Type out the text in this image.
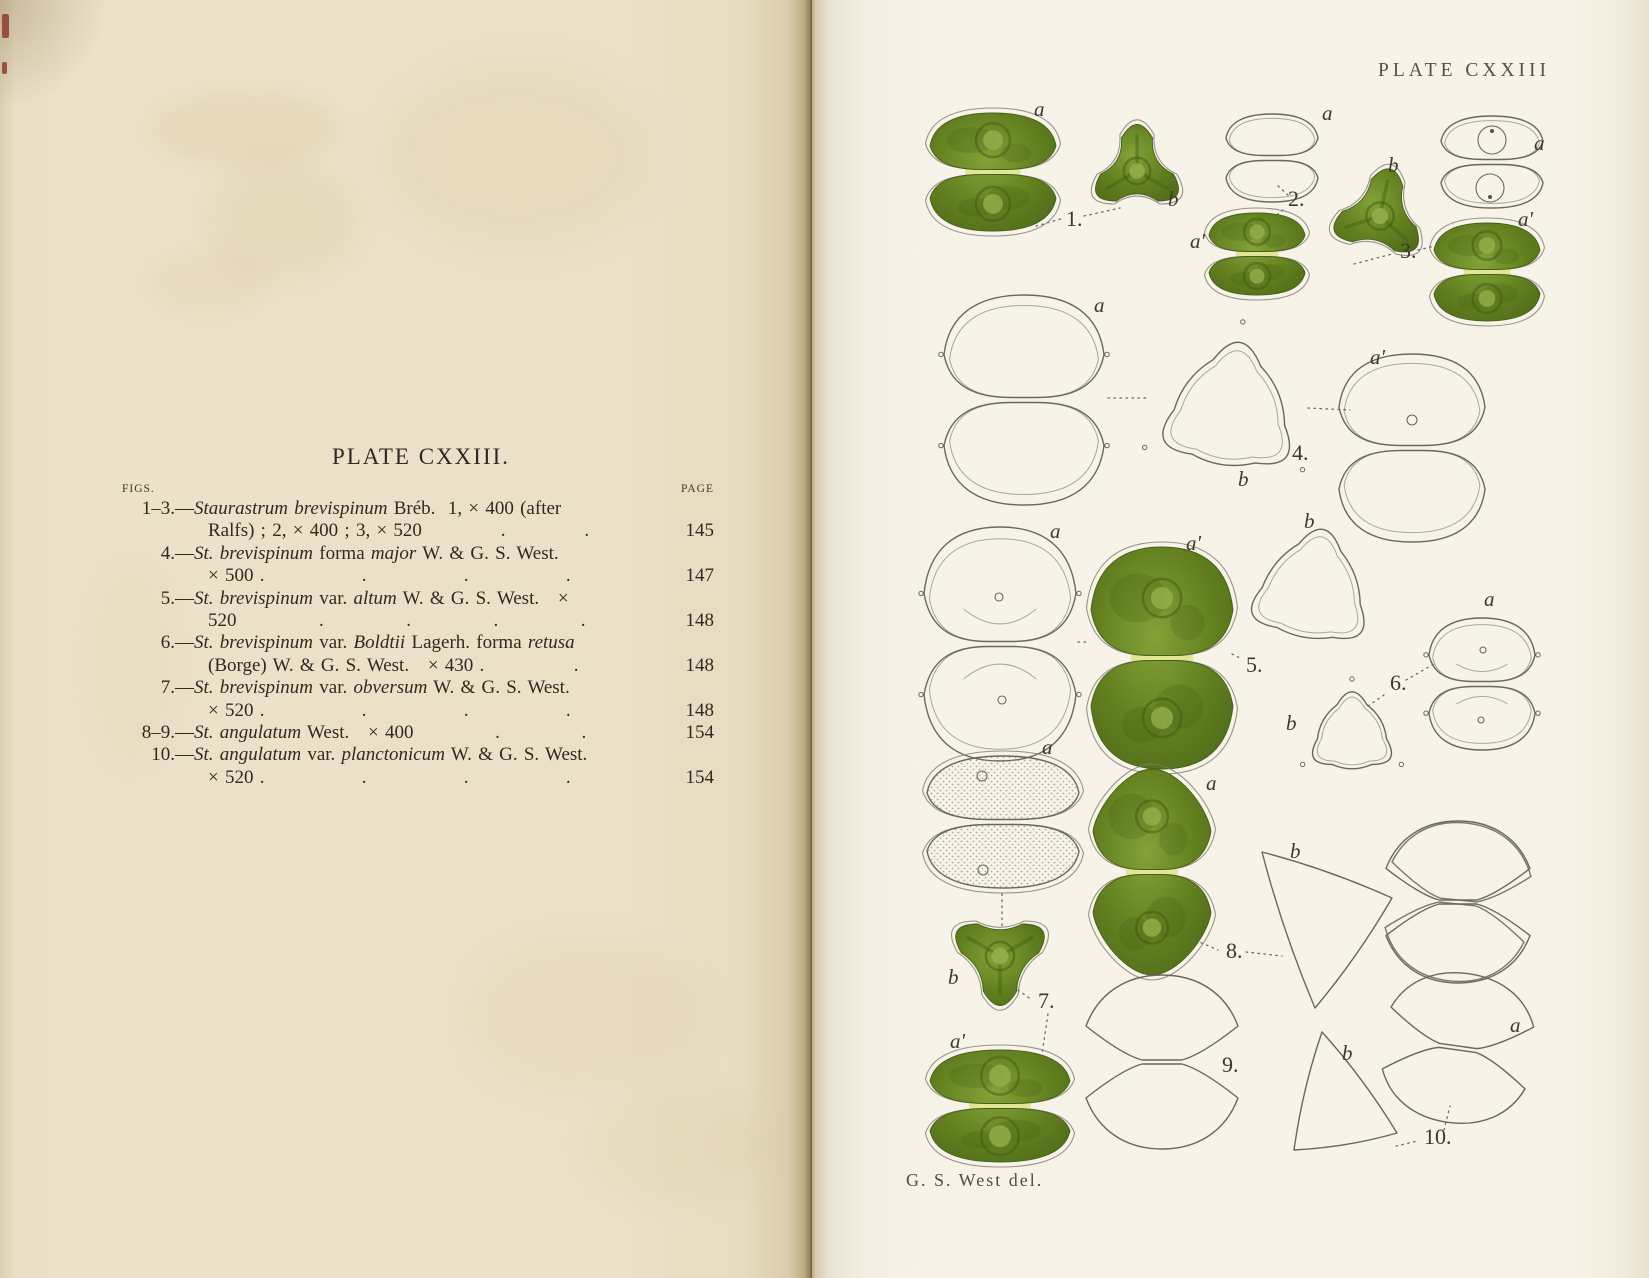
PLATE CXXIII.
FIGS.	PAGE
1–3.— Staurastrum brevispinum Bréb.  1, × 400 (after
Ralfs) ; 2, × 400 ; 3, × 520	.	.	145
4.— St. brevispinum forma major W. & G. S. West.
× 500 .	.	.	.	147
5.— St. brevispinum var. altum W. & G. S. West.   ×
520	.	.	.	.	148
6.— St. brevispinum var. Boldtii Lagerh. forma retusa
(Borge) W. & G. S. West.   × 430 .	.	148
7.— St. brevispinum var. obversum W. & G. S. West.
× 520 .	.	.	.	148
8–9.— St. angulatum West.   × 400	.	.	154
10.— St. angulatum var. planctonicum W. & G. S. West.
× 520 .	.	.	.	154
PLATE CXXIII
a
b
1.
a
a'
2.
b
a
a'
3.
a
b
a'
4.
a	a'
b
5.
b
a
6.
a
b
a'
7.
a
b
8.
9.	b
a
10.
G. S. West del.
